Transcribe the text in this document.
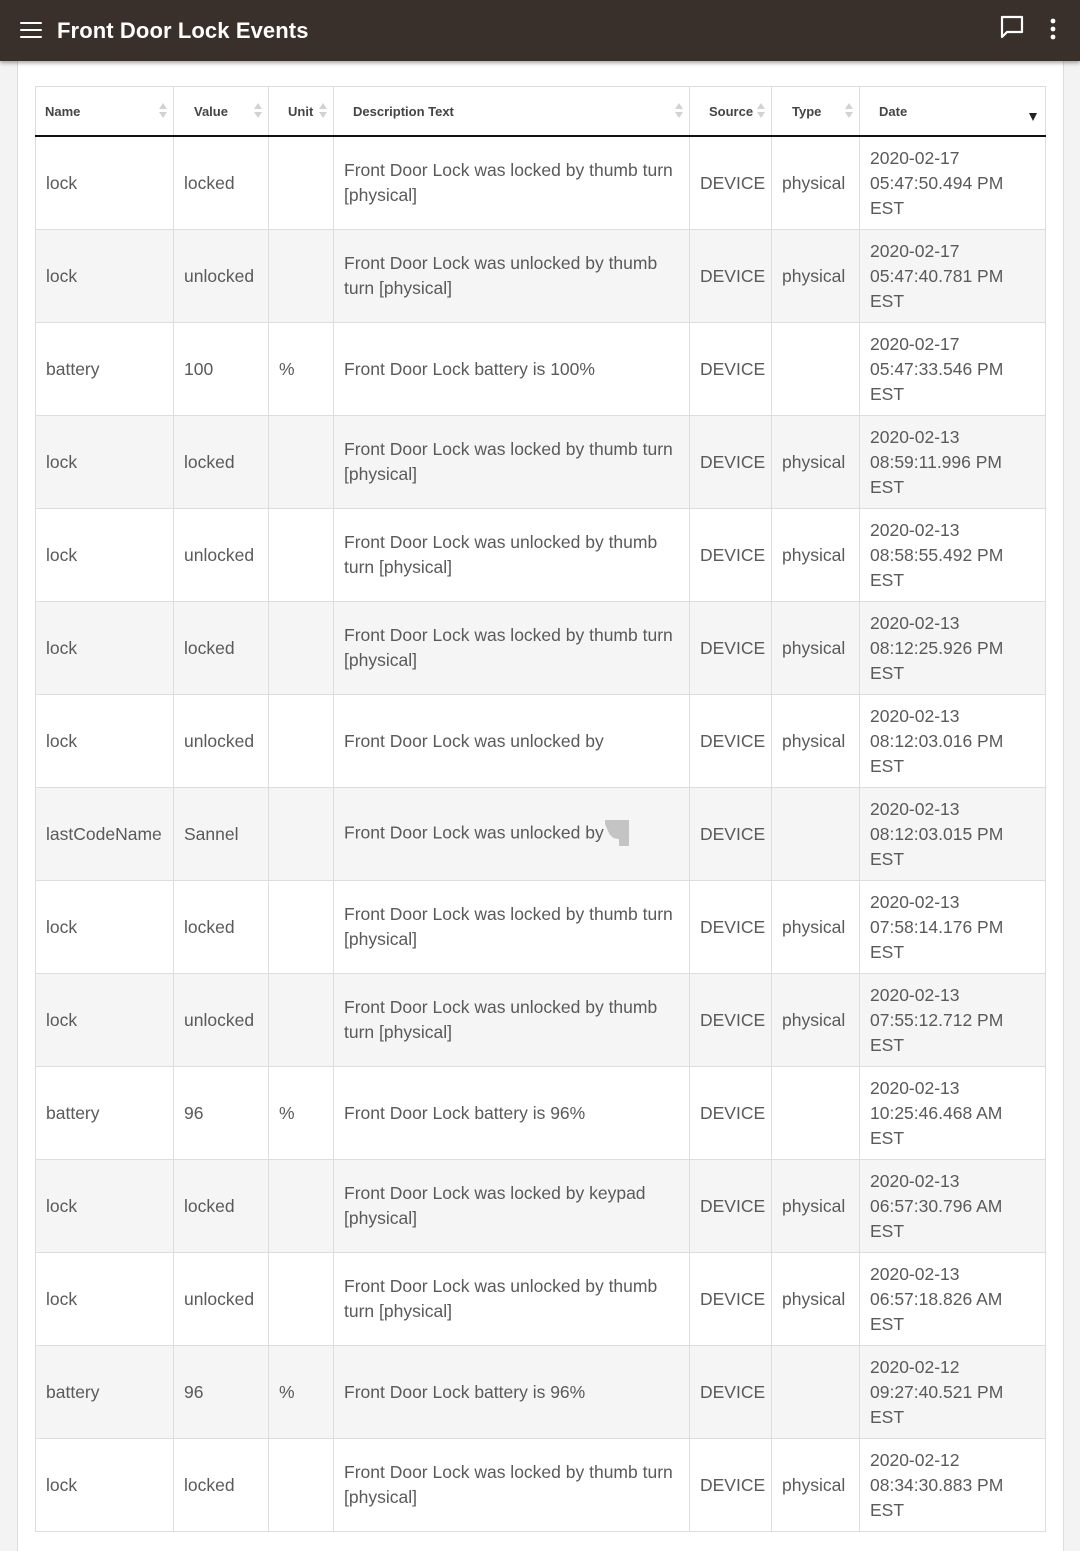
Front Door Lock Events
Name	Value	Unit	Description Text	Source	Type	Date

lock	locked		Front Door Lock was locked by thumb turn [physical]	DEVICE	physical	2020-02-17 05:47:50.494 PM EST
lock	unlocked		Front Door Lock was unlocked by thumb turn [physical]	DEVICE	physical	2020-02-17 05:47:40.781 PM EST
battery	100	%	Front Door Lock battery is 100%	DEVICE		2020-02-17 05:47:33.546 PM EST
lock	locked		Front Door Lock was locked by thumb turn [physical]	DEVICE	physical	2020-02-13 08:59:11.996 PM EST
lock	unlocked		Front Door Lock was unlocked by thumb turn [physical]	DEVICE	physical	2020-02-13 08:58:55.492 PM EST
lock	locked		Front Door Lock was locked by thumb turn [physical]	DEVICE	physical	2020-02-13 08:12:25.926 PM EST
lock	unlocked		Front Door Lock was unlocked by	DEVICE	physical	2020-02-13 08:12:03.016 PM EST
lastCodeName	Sannel		Front Door Lock was unlocked by	DEVICE		2020-02-13 08:12:03.015 PM EST
lock	locked		Front Door Lock was locked by thumb turn [physical]	DEVICE	physical	2020-02-13 07:58:14.176 PM EST
lock	unlocked		Front Door Lock was unlocked by thumb turn [physical]	DEVICE	physical	2020-02-13 07:55:12.712 PM EST
battery	96	%	Front Door Lock battery is 96%	DEVICE		2020-02-13 10:25:46.468 AM EST
lock	locked		Front Door Lock was locked by keypad [physical]	DEVICE	physical	2020-02-13 06:57:30.796 AM EST
lock	unlocked		Front Door Lock was unlocked by thumb turn [physical]	DEVICE	physical	2020-02-13 06:57:18.826 AM EST
battery	96	%	Front Door Lock battery is 96%	DEVICE		2020-02-12 09:27:40.521 PM EST
lock	locked		Front Door Lock was locked by thumb turn [physical]	DEVICE	physical	2020-02-12 08:34:30.883 PM EST
